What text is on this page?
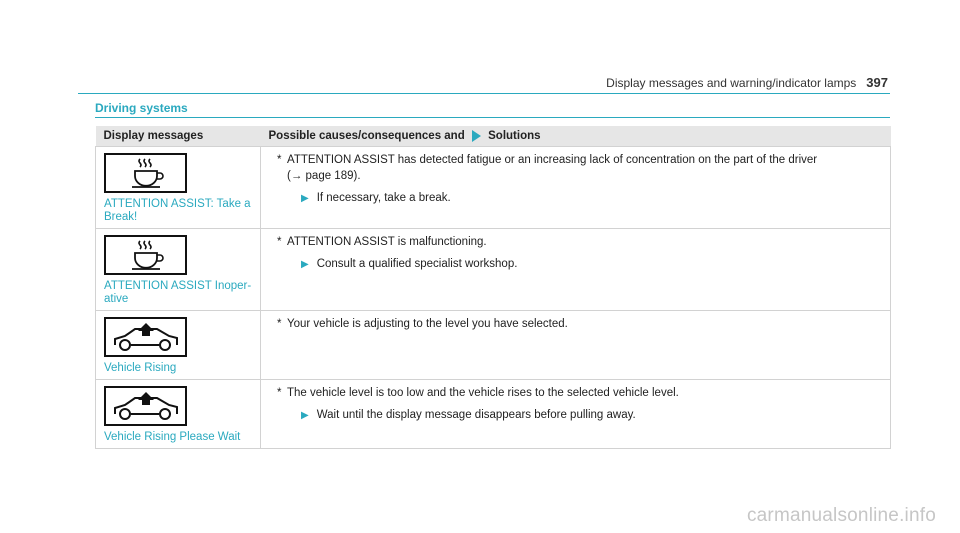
Display messages and warning/indicator lamps 397
Driving systems
Display messages	Possible causes/consequences and Solutions

ATTENTION ASSIST: Take a Break!	* ATTENTION ASSIST has detected fatigue or an increasing lack of concentration on the part of the driver
(→ page 189).
▶ If necessary, take a break.

ATTENTION ASSIST Inoper-ative	* ATTENTION ASSIST is malfunctioning.
▶ Consult a qualified specialist workshop.

Vehicle Rising	* Your vehicle is adjusting to the level you have selected.

Vehicle Rising Please Wait	* The vehicle level is too low and the vehicle rises to the selected vehicle level.
▶ Wait until the display message disappears before pulling away.
carmanualsonline.info
